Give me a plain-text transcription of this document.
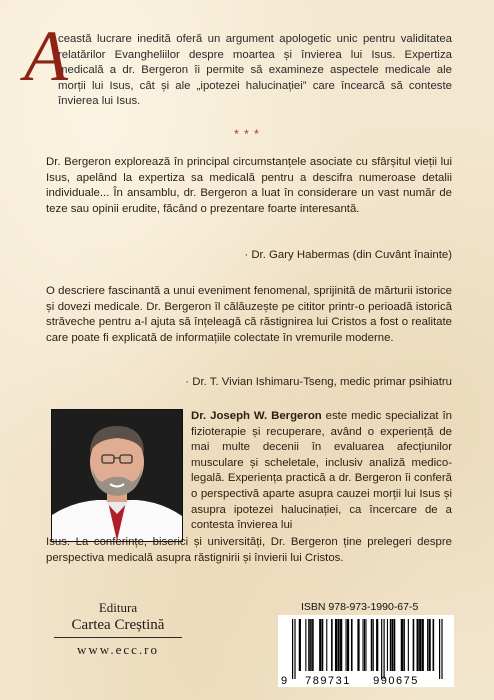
A
ceastă lucrare inedită oferă un argument apologetic unic pentru validitatea relatărilor Evangheliilor despre moartea și învierea lui Isus. Expertiza medicală a dr. Bergeron îi permite să examineze aspectele medicale ale morții lui Isus, cât și ale „ipotezei halucinației” care încearcă să conteste învierea lui Isus.
* * *
Dr. Bergeron explorează în principal circumstanțele asociate cu sfârșitul vieții lui Isus, apelând la expertiza sa medicală pentru a descifra numeroase detalii individuale... În ansamblu, dr. Bergeron a luat în considerare un vast număr de teze sau opinii erudite, făcând o prezentare foarte interesantă.
· Dr. Gary Habermas (din Cuvânt înainte)
O descriere fascinantă a unui eveniment fenomenal, sprijinită de mărturii istorice și dovezi medicale. Dr. Bergeron îl călăuzește pe cititor printr-o perioadă istorică străveche pentru a-l ajuta să înțeleagă că răstignirea lui Cristos a fost o realitate care poate fi explicată de informațiile colectate în vremurile moderne.
· Dr. T. Vivian Ishimaru-Tseng, medic primar psihiatru
Dr. Joseph W. Bergeron este medic specializat în fizioterapie și recuperare, având o experiență de mai multe decenii în evaluarea afecțiunilor musculare și scheletale, inclusiv analiză medico-legală. Experiența practică a dr. Bergeron îi conferă o perspectivă aparte asupra cauzei morții lui Isus și asupra ipotezei halucinației, ca încercare de a contesta învierea lui
Isus. La conferințe, biserici și universități, Dr. Bergeron ține prelegeri despre perspectiva medicală asupra răstignirii și învierii lui Cristos.
Editura
Cartea Creștină
www.ecc.ro
ISBN 978-973-1990-67-5
9 789731 990675
